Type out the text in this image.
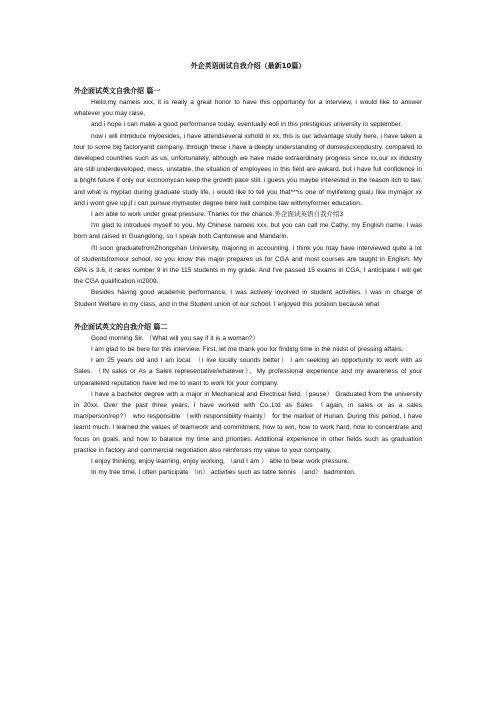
外企英语面试自我介绍（最新10篇）
外企面试英文自我介绍 篇一

Hello,my nameis xxx, it is really a great honor to have this opportunity for a interview, i would like to answer whatever you may raise,

and i hope i can make a good performance today, eventually eoll in this prestigious university in september.

now i will introduce mybesides, i have attendseveral xxhold in xx, this is our advantage study here, i have taken a tour to some big factoryand company. through these i have a deeply understanding of domesticxxindustry. compared to developed countries such as us, unfortunately, although we have made extraordinary progress since xx,our xx industry are still underdeveloped, mess, unstable, the situation of employees in this field are awkard. but i have full confidence in a bright future if only our economycan keep the growth pace still. i guess you maybe interested in the reason itch to law, and what is myplan during graduate study life, i would like to tell you that***is one of mylifelong goal,i like mymajor xx and i wont give up,if i can pursue mymaster degree here iwill combine law withmyformer education.

I am able to work under great pressure. Thanks for the chance.外企面试英语自我介绍3

I'm glad to introduce myself to you. My Chinese nameis xxx, but you can call me Cathy, my English name. I was born and raised in Guangdong, so I speak both Cantonese and Mandarin.

I'll soon graduatefromZhongshan University, majoring in accounting. I think you may have interviewed quite a lot of studentsfromour school, so you know this major prepares us for CGA and most courses are taught in English. My GPA is 3.6, it ranks number 9 in the 115 students in my grade. And I've passed 15 exams in CGA, I anticipate I will get the CGA qualification in2009.

Besides having good academic performance, I was actively involved in student activities. I was in charge of Student Welfare in my class, and in the Student union of our school. I enjoyed this position because what

外企面试英文的自我介绍 篇二

Good morning Sir, （What will you say if it is a woman?）

I am glad to be here for this interview. First, let me thank you for finding time in the midst of pressing affairs.

I am 25 years old and I am local. （I live locally sounds better） I am seeking an opportunity to work with as Sales. （IN sales or As a Sales representative/whatever）。My professional experience and my awareness of your unparalleled reputation have led me to want to work for your company.

I have a bachelor degree with a major in Mechanical and Electrical field.（pause） Graduated from the university in 20xx. Over the past three years, I have worked with Co.,Ltd as Sales （again, in sales or as a sales man/person/rep?） who responsible （with responsibility mainly） for the market of Hunan. During this period, I have learnt much. I learned the values of teamwork and commitment, how to win, how to work hard, how to concentrate and focus on goals, and how to balance my time and priorities. Additional experience in other fields such as graduation practice in factory and commercial negotiation also reinforces my value to your company.

I enjoy thinking, enjoy learning, enjoy working, （and I am ） able to bear work pressure.

In my free time, I often participate （in） activities such as table tennis （and） badminton.
